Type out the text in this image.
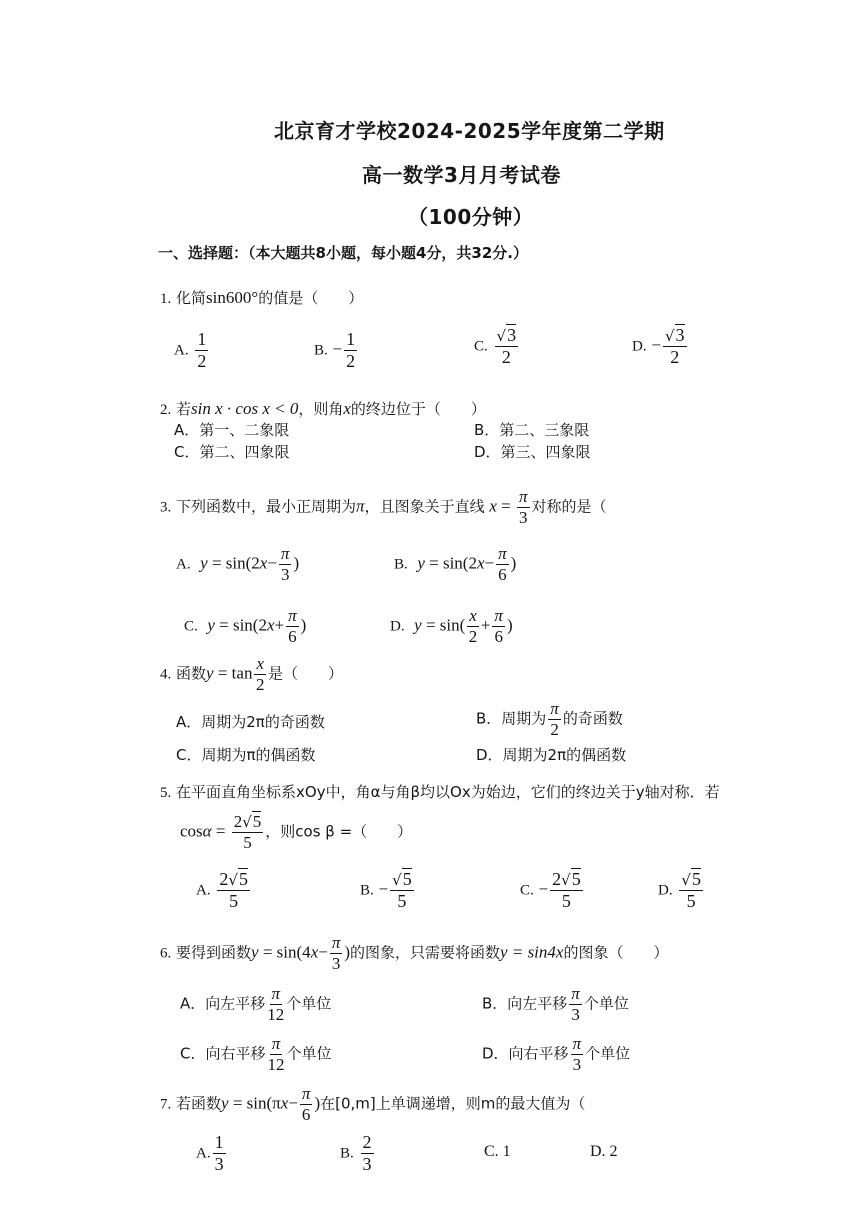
北京育才学校2024-2025学年度第二学期
高一数学3月月考试卷
（100分钟）
一、选择题：（本大题共8小题，每小题4分，共32分.）
1. 化简sin600°的值是（　　）
A. $\frac{1}{2}$	B. − $\frac{1}{2}$	C. $\frac{√3}{2}$	D. − $\frac{√3}{2}$
2. 若sin x · cos x < 0，则角x的终边位于（　　）
A．第一、二象限	B．第二、三象限
C．第二、四象限	D．第三、四象限
3. 下列函数中，最小正周期为π，且图象关于直线 $x = \frac{\pi}{3}$ 对称的是（
A. $y = \sin(2x- \frac{\pi}{3}$ )	B. $y = \sin(2x- \frac{\pi}{6}$ )
C. $y = \sin(2x+ \frac{\pi}{6}$ )	D. $y = \sin( \frac{x}{2} + \frac{\pi}{6}$ )
4. 函数$y = \tan \frac{x}{2}$ 是（　　）
A．周期为2π的奇函数	B．周期为 $\frac{\pi}{2}$ 的奇函数
C．周期为π的偶函数	D．周期为2π的偶函数
5. 在平面直角坐标系xOy中，角α与角β均以Ox为始边，它们的终边关于y轴对称．若
$\cos\alpha = \frac{2√5}{5}$ ，则cos β =（　　）
A. $\frac{2√5}{5}$	B. − $\frac{√5}{5}$	C. − $\frac{2√5}{5}$	D. $\frac{√5}{5}$
6. 要得到函数$y = \sin(4x- \frac{\pi}{3}$ )的图象，只需要将函数y = sin4x的图象（　　）
A．向左平移 $\frac{\pi}{12}$ 个单位	B．向左平移 $\frac{\pi}{3}$ 个单位
C．向右平移 $\frac{\pi}{12}$ 个单位	D．向右平移 $\frac{\pi}{3}$ 个单位
7. 若函数$y = \sin(\pi x- \frac{\pi}{6}$ )在[0,m]上单调递增，则m的最大值为（
A. $\frac{1}{3}$	B. $\frac{2}{3}$	C. 1	D. 2
